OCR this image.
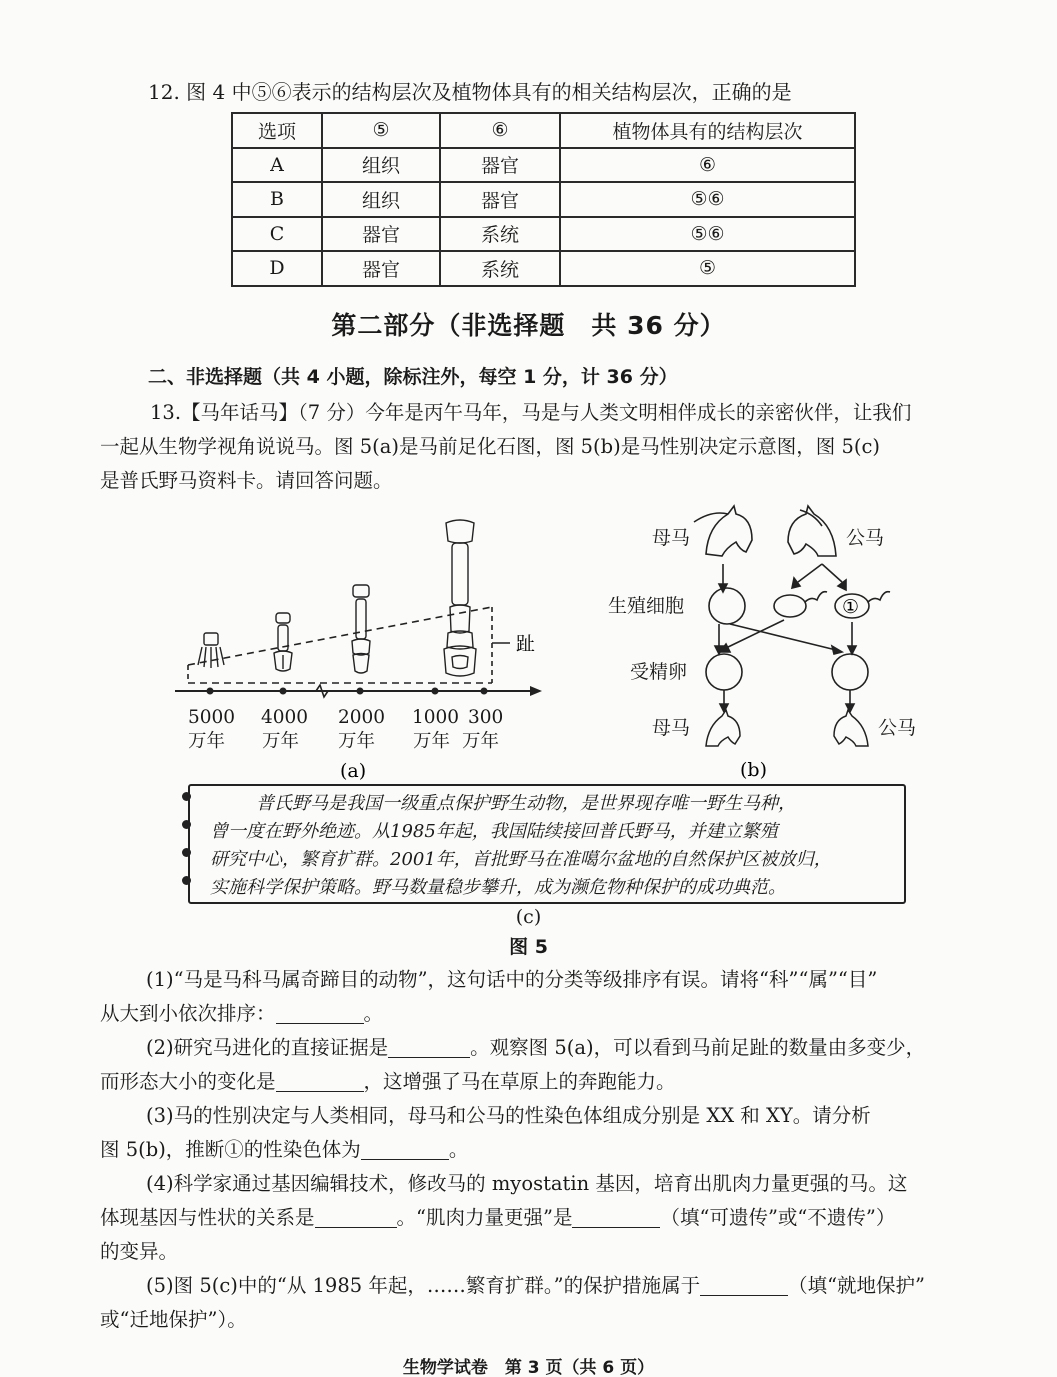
12. 图 4 中⑤⑥表示的结构层次及植物体具有的相关结构层次，正确的是
选项	⑤	⑥	植物体具有的结构层次
A	组织	器官	⑥
B	组织	器官	⑤⑥
C	器官	系统	⑤⑥
D	器官	系统	⑤
第二部分（非选择题　共 36 分）
二、非选择题（共 4 小题，除标注外，每空 1 分，计 36 分）
13.【马年话马】（7 分）今年是丙午马年，马是与人类文明相伴成长的亲密伙伴，让我们
一起从生物学视角说说马。图 5(a)是马前足化石图，图 5(b)是马性别决定示意图，图 5(c)
是普氏野马资料卡。请回答问题。
趾
5000
万年
4000
万年
2000
万年
1000
万年
300
万年
(a)
母马	公马
生殖细胞
受精卵
母马	公马
①
(b)
普氏野马是我国一级重点保护野生动物，是世界现存唯一野生马种，
曾一度在野外绝迹。从1985年起，我国陆续接回普氏野马，并建立繁殖
研究中心，繁育扩群。2001年，首批野马在准噶尔盆地的自然保护区被放归，
实施科学保护策略。野马数量稳步攀升，成为濒危物种保护的成功典范。
(c)
图 5
(1)“马是马科马属奇蹄目的动物”，这句话中的分类等级排序有误。请将“科”“属”“目”
从大到小依次排序：	。
(2)研究马进化的直接证据是	。观察图 5(a)，可以看到马前足趾的数量由多变少，
而形态大小的变化是	，这增强了马在草原上的奔跑能力。
(3)马的性别决定与人类相同，母马和公马的性染色体组成分别是 XX 和 XY。请分析
图 5(b)，推断①的性染色体为	。
(4)科学家通过基因编辑技术，修改马的 myostatin 基因，培育出肌肉力量更强的马。这
体现基因与性状的关系是	。“肌肉力量更强”是	（填“可遗传”或“不遗传”）
的变异。
(5)图 5(c)中的“从 1985 年起，……繁育扩群。”的保护措施属于	（填“就地保护”
或“迁地保护”）。
生物学试卷　第 3 页（共 6 页）
